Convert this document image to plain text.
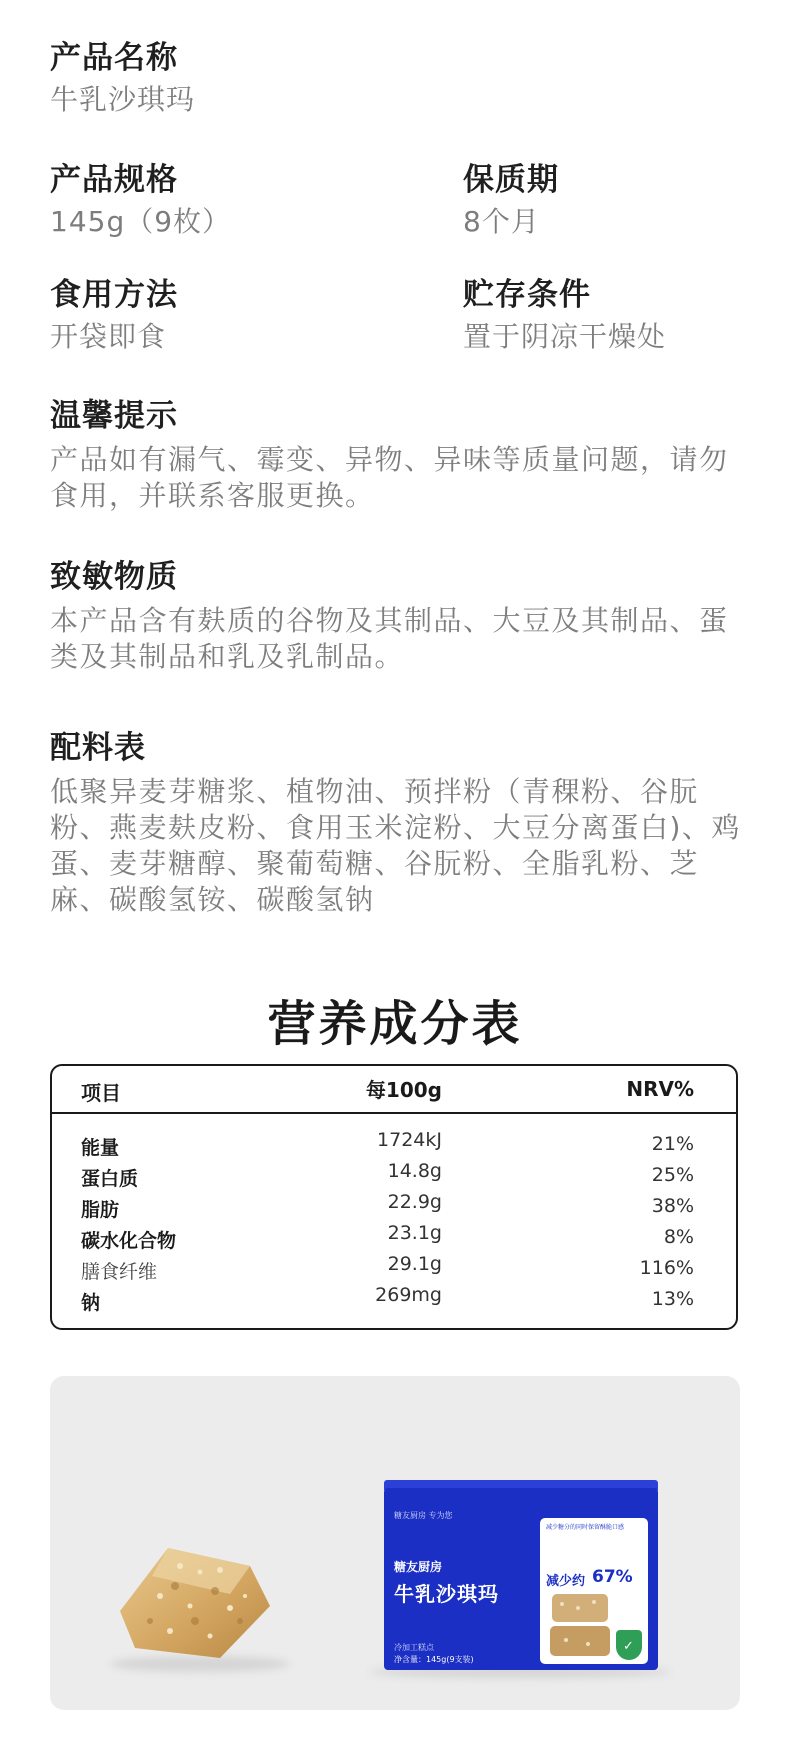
产品名称
牛乳沙琪玛
产品规格
145g（9枚）
保质期
8个月
食用方法
开袋即食
贮存条件
置于阴凉干燥处
温馨提示
产品如有漏气、霉变、异物、异味等质量问题，请勿食用，并联系客服更换。
致敏物质
本产品含有麸质的谷物及其制品、大豆及其制品、蛋类及其制品和乳及乳制品。
配料表
低聚异麦芽糖浆、植物油、预拌粉（青稞粉、谷朊粉、燕麦麸皮粉、食用玉米淀粉、大豆分离蛋白)、鸡蛋、麦芽糖醇、聚葡萄糖、谷朊粉、全脂乳粉、芝麻、碳酸氢铵、碳酸氢钠
营养成分表
项目	每100g	NRV%
能量	1724kJ	21%
蛋白质	14.8g	25%
脂肪	22.9g	38%
碳水化合物	23.1g	8%
膳食纤维	29.1g	116%
钠	269mg	13%
糖友厨房 专为您
糖友厨房
牛乳沙琪玛
冷加工糕点
净含量：145g(9支装)
减少糖分的同时保留酥脆口感
减少约 67%
✓
